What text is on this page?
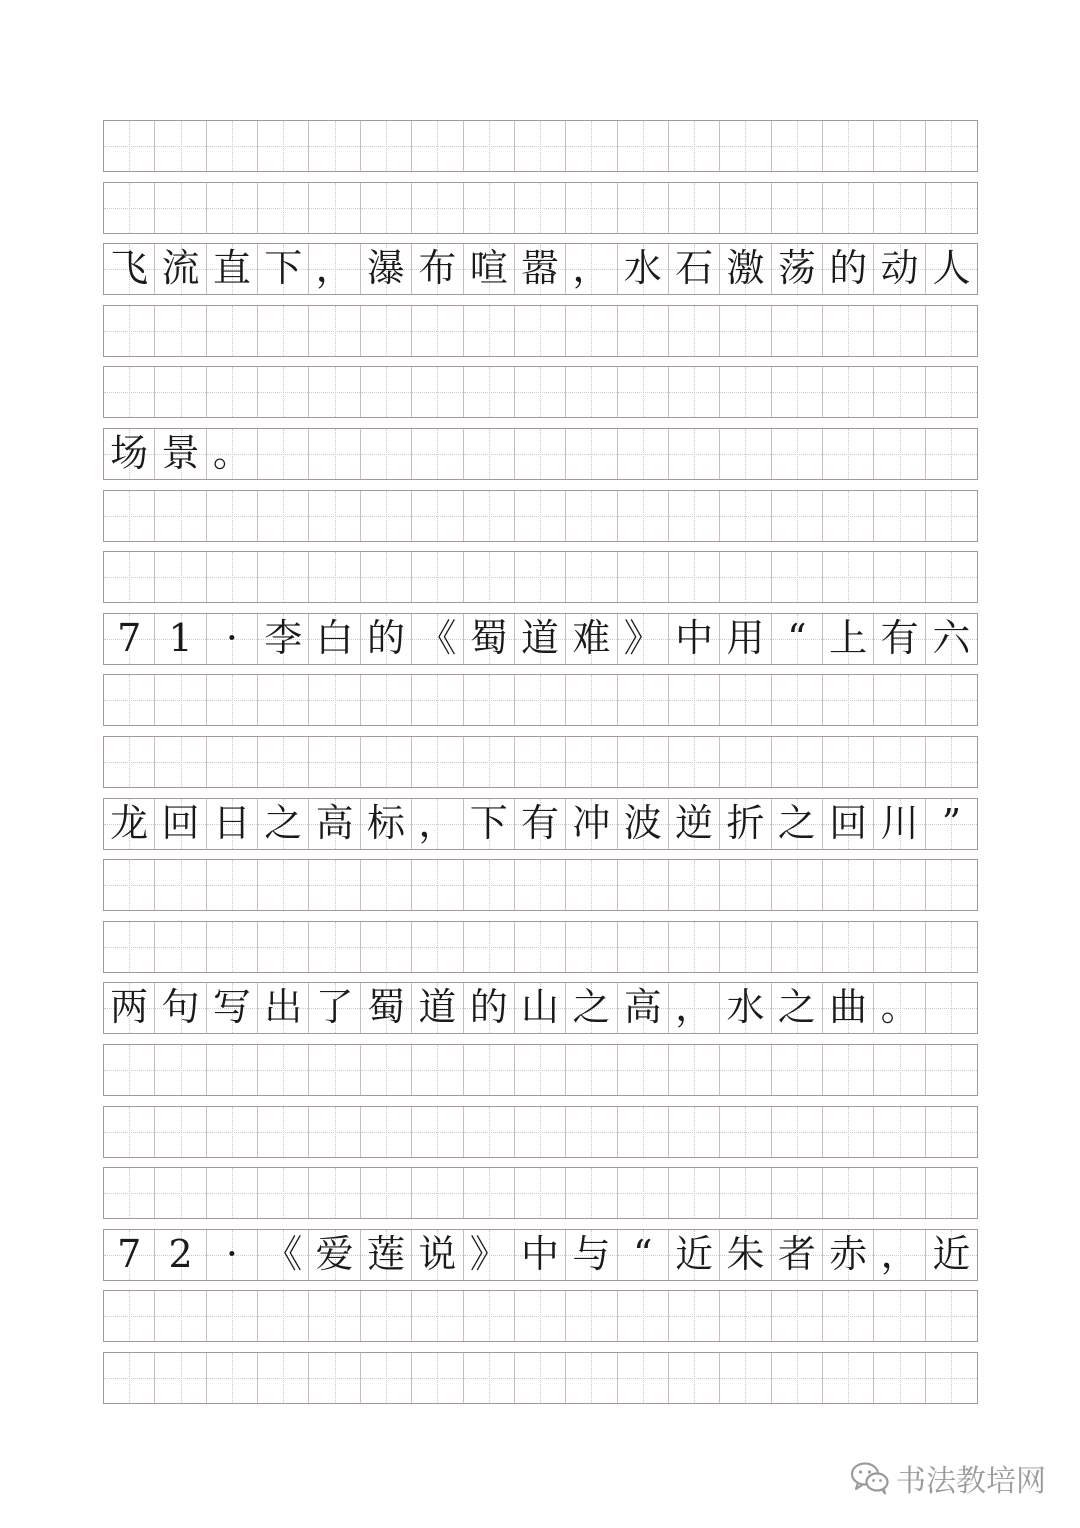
飞 流 直 下 ， 瀑 布 喧 嚣 ， 水 石 激 荡 的 动 人
场 景 。
7 1 · 李 白 的 《 蜀 道 难 》 中 用 “ 上 有 六
龙 回 日 之 高 标 ， 下 有 冲 波 逆 折 之 回 川 ”
两 句 写 出 了 蜀 道 的 山 之 高 ， 水 之 曲 。
7 2 · 《 爱 莲 说 》 中 与 “ 近 朱 者 赤 ， 近
书法教培网
